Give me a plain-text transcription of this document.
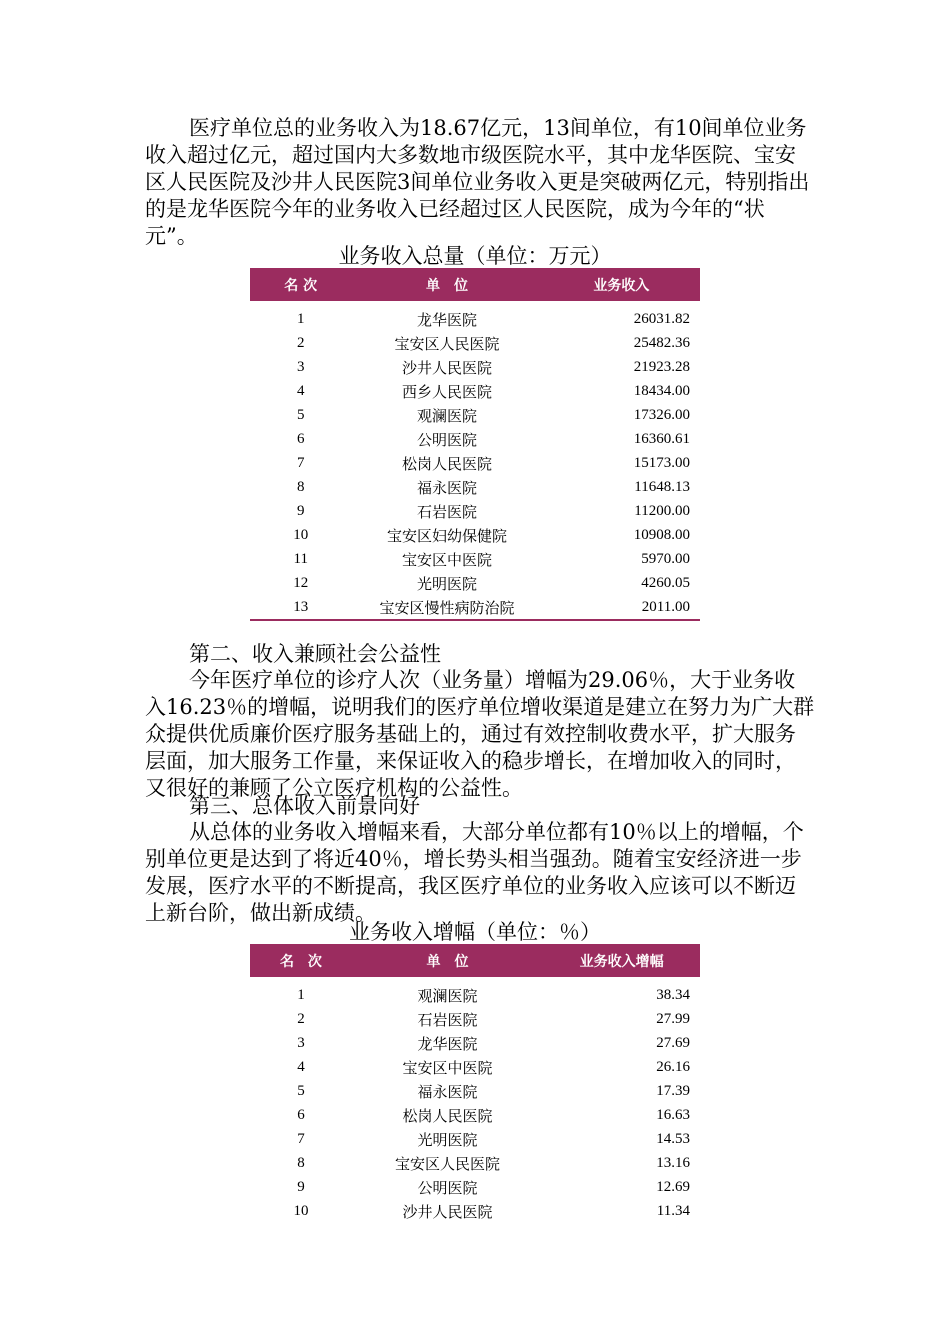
医疗单位总的业务收入为18.67亿元，13间单位，有10间单位业务收入超过亿元，超过国内大多数地市级医院水平，其中龙华医院、宝安区人民医院及沙井人民医院3间单位业务收入更是突破两亿元，特别指出的是龙华医院今年的业务收入已经超过区人民医院，成为今年的“状元”。

业务收入总量（单位：万元）

名 次	单　位	业务收入
1	龙华医院	26031.82
2	宝安区人民医院	25482.36
3	沙井人民医院	21923.28
4	西乡人民医院	18434.00
5	观澜医院	17326.00
6	公明医院	16360.61
7	松岗人民医院	15173.00
8	福永医院	11648.13
9	石岩医院	11200.00
10	宝安区妇幼保健院	10908.00
11	宝安区中医院	5970.00
12	光明医院	4260.05
13	宝安区慢性病防治院	2011.00

第二、收入兼顾社会公益性

今年医疗单位的诊疗人次（业务量）增幅为29.06％，大于业务收入16.23％的增幅，说明我们的医疗单位增收渠道是建立在努力为广大群众提供优质廉价医疗服务基础上的，通过有效控制收费水平，扩大服务层面，加大服务工作量，来保证收入的稳步增长，在增加收入的同时，又很好的兼顾了公立医疗机构的公益性。

第三、总体收入前景向好

从总体的业务收入增幅来看，大部分单位都有10％以上的增幅，个别单位更是达到了将近40％，增长势头相当强劲。随着宝安经济进一步发展，医疗水平的不断提高，我区医疗单位的业务收入应该可以不断迈上新台阶，做出新成绩。

业务收入增幅（单位：％）

名　次	单　位	业务收入增幅
1	观澜医院	38.34
2	石岩医院	27.99
3	龙华医院	27.69
4	宝安区中医院	26.16
5	福永医院	17.39
6	松岗人民医院	16.63
7	光明医院	14.53
8	宝安区人民医院	13.16
9	公明医院	12.69
10	沙井人民医院	11.34
